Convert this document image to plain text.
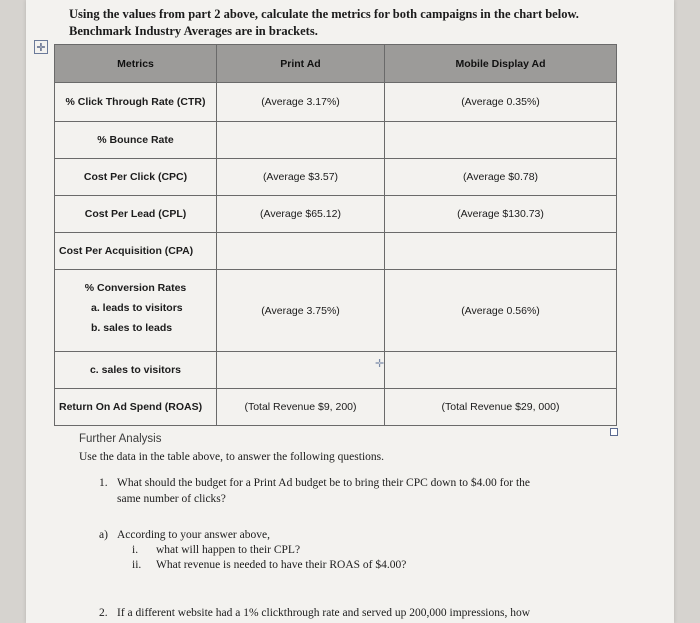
Using the values from part 2 above, calculate the metrics for both campaigns in the chart below.
Benchmark Industry Averages are in brackets.
✛
Metrics	Print Ad	Mobile Display Ad
% Click Through Rate (CTR)	(Average 3.17%)	(Average 0.35%)
% Bounce Rate		
Cost Per Click (CPC)	(Average $3.57)	(Average $0.78)
Cost Per Lead (CPL)	(Average $65.12)	(Average $130.73)
Cost Per Acquisition (CPA)		

% Conversion Rates
a. leads to visitors
b. sales to leads	(Average 3.75%)	(Average 0.56%)
c. sales to visitors		
Return On Ad Spend (ROAS)	(Total Revenue $9, 200)	(Total Revenue $29, 000)
✛
Further Analysis
Use the data in the table above, to answer the following questions.
1. What should the budget for a Print Ad budget be to bring their CPC down to $4.00 for the
same number of clicks?
a) According to your answer above,
i. what will happen to their CPL?
ii. What revenue is needed to have their ROAS of $4.00?
2. If a different website had a 1% clickthrough rate and served up 200,000 impressions, how
